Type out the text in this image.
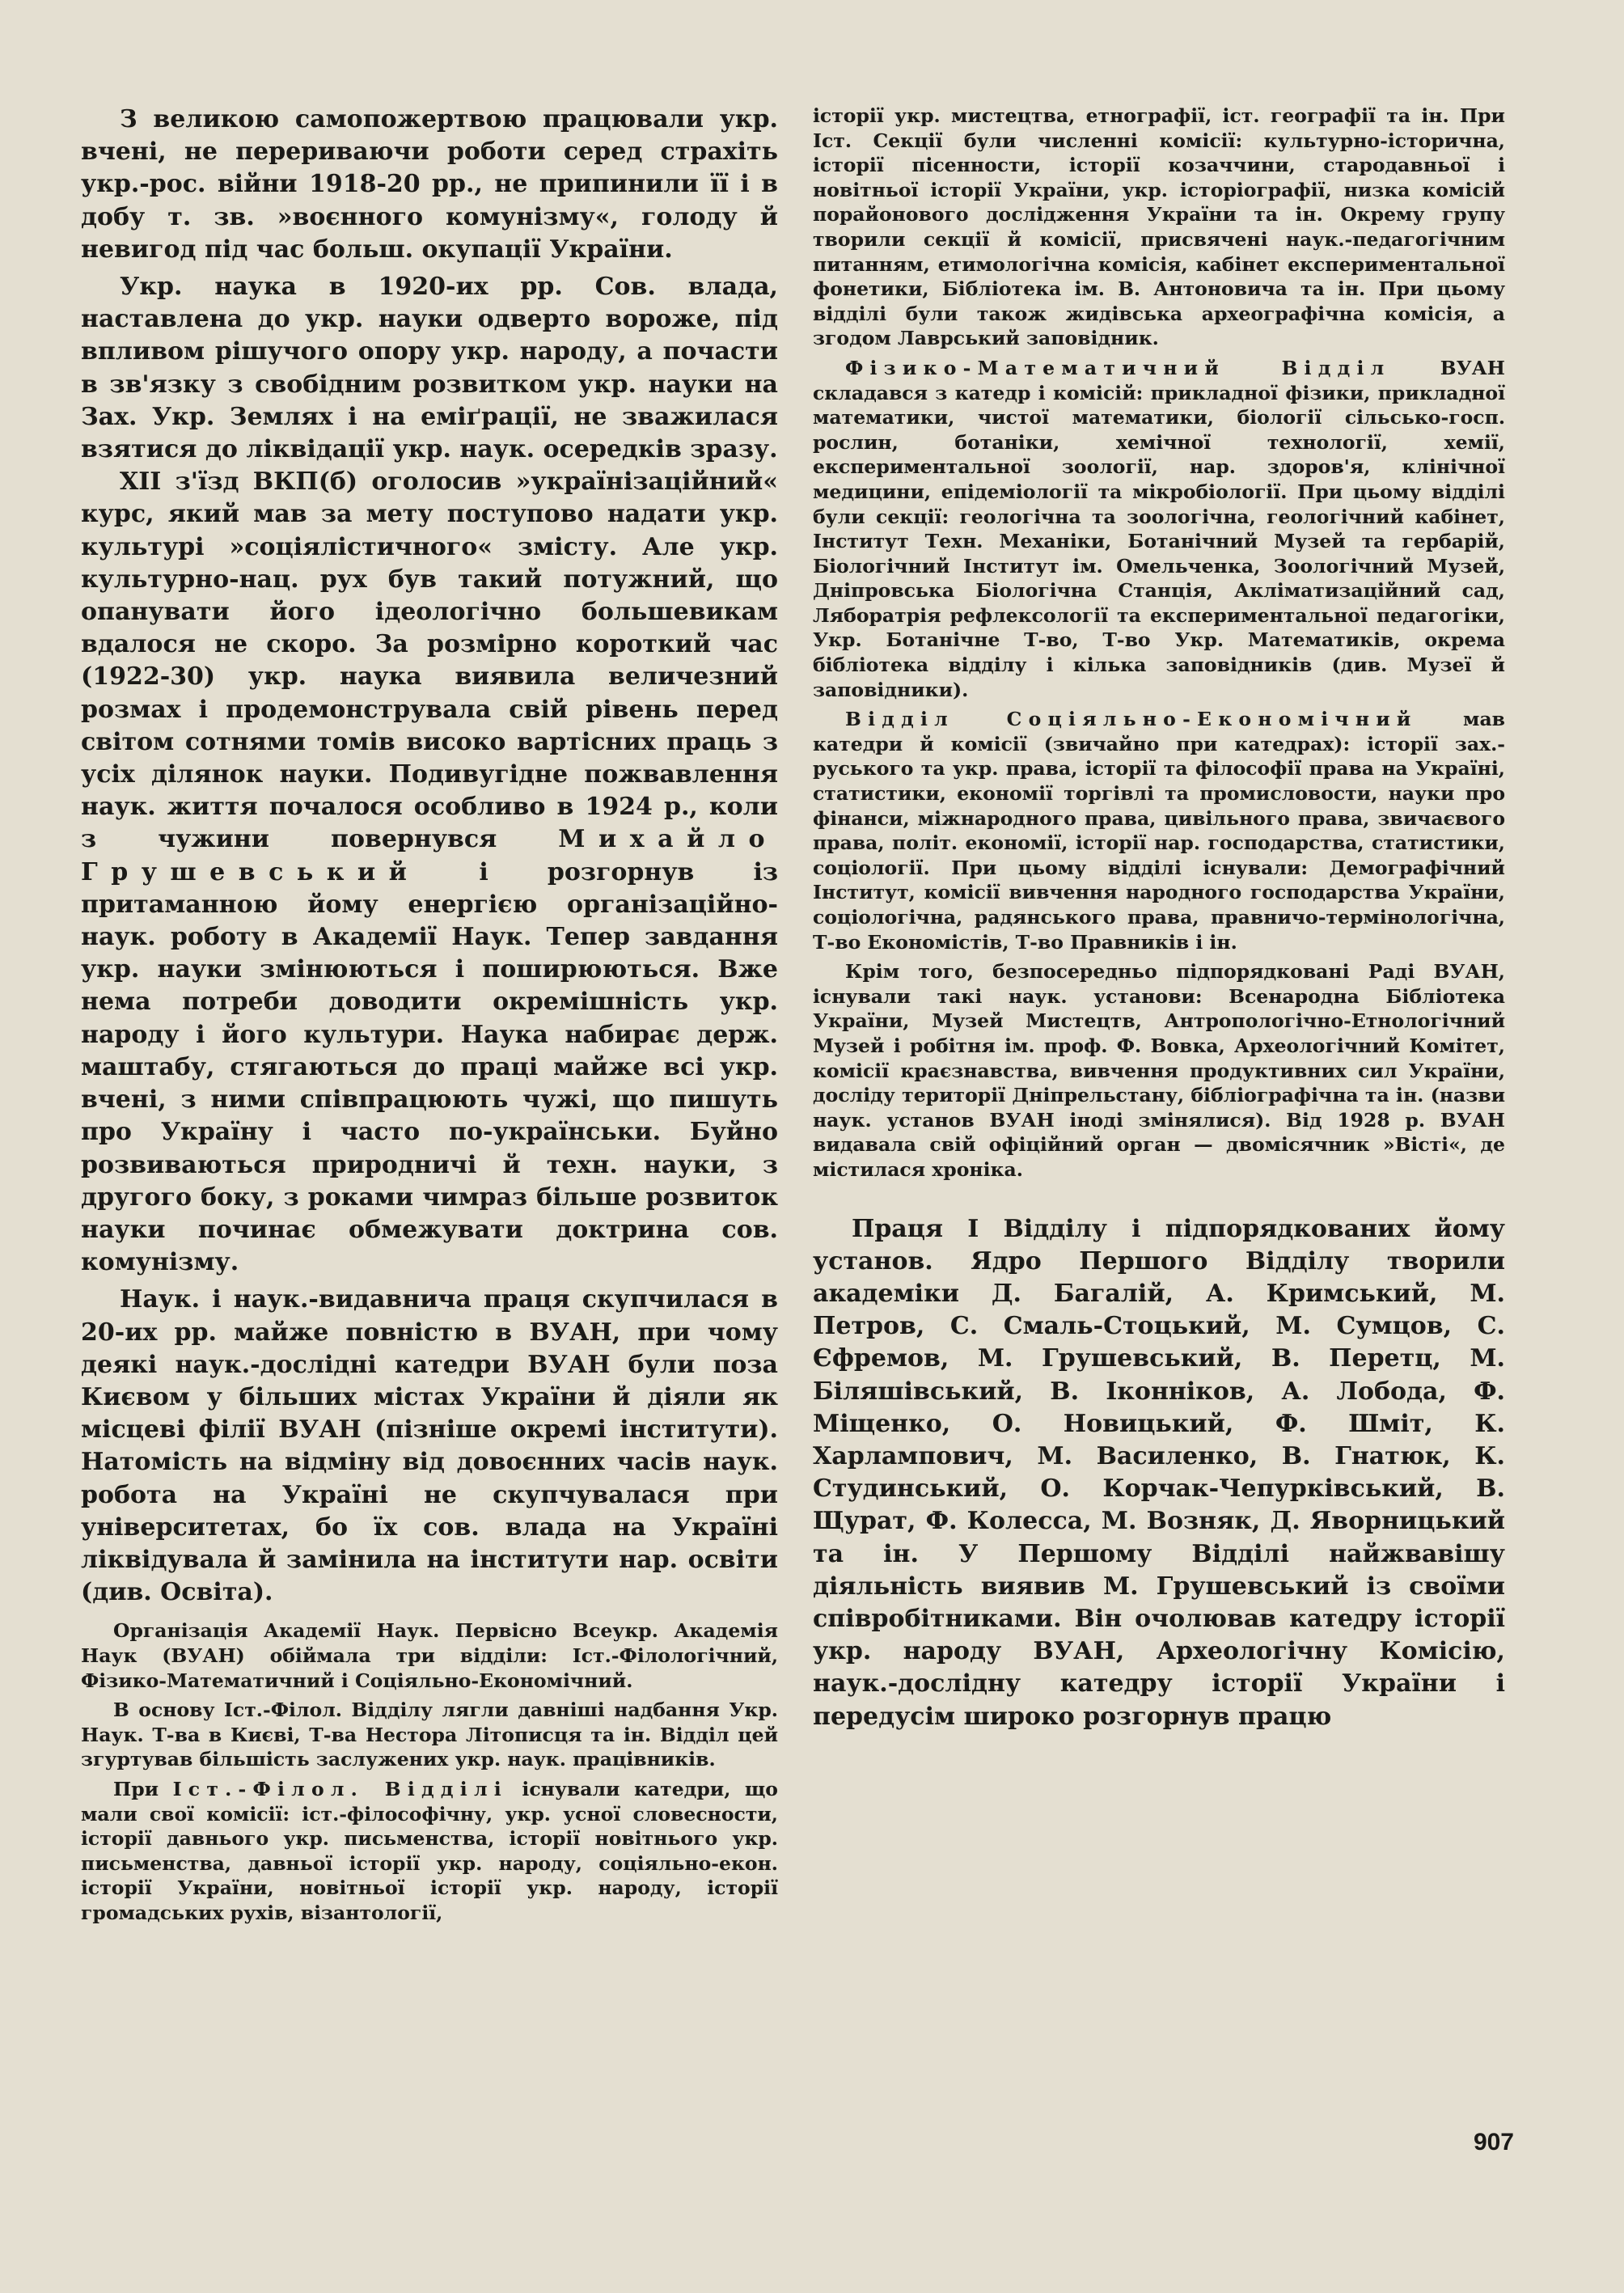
З великою самопожертвою працювали укр. вчені, не перериваючи роботи серед страхіть укр.-рос. війни 1918-20 рр., не припинили її і в добу т. зв. »воєнного комунізму«, голоду й невигод під час больш. окупації України.

Укр. наука в 1920-их рр. Сов. влада, наставлена до укр. науки одверто ворожe, під впливом рішучого опору укр. народу, а почасти в зв'язку з свобідним розвитком укр. науки на Зах. Укр. Землях і на еміґрації, не зважилася взятися до ліквідації укр. наук. осередків зразу.

XII з'їзд ВКП(б) оголосив »українізаційний« курс, який мав за мету поступово надати укр. культурі »соціялістичного« змісту. Але укр. культурно-нац. рух був такий потужний, що опанувати його ідеологічно большевикам вдалося не скоро. За розмірно короткий час (1922-30) укр. наука виявила величезний розмах і продемонструвала свій рівень перед світом сотнями томів високо вартісних праць з усіх ділянок науки. Подивугідне пожвавлення наук. життя почалося особливо в 1924 р., коли з чужини повернувся Михайло Грушевський і розгорнув із притаманною йому енергією організаційно-наук. роботу в Академії Наук. Тепер завдання укр. науки змінюються і поширюються. Вже нема потреби доводити окремішність укр. народу і його культури. Наука набирає держ. маштабу, стягаються до праці майже всі укр. вчені, з ними співпрацюють чужі, що пишуть про Україну і часто по-українськи. Буйно розвиваються природничі й техн. науки, з другого боку, з роками чимраз більше розвиток науки починає обмежувати доктрина сов. комунізму.

Наук. і наук.-видавнича праця скупчилася в 20-их рр. майже повністю в ВУАН, при чому деякі наук.-дослідні катедри ВУАН були поза Києвом у більших містах України й діяли як місцеві філії ВУАН (пізніше окремі інститути). Натомість на відміну від довоєнних часів наук. робота на Україні не скупчувалася при університетах, бо їх сов. влада на Україні ліквідувала й замінила на інститути нар. освіти (див. Освіта).

Організація Академії Наук. Первісно Всеукр. Академія Наук (ВУАН) обіймала три відділи: Іст.-Філологічний, Фізико-Математичний і Соціяльно-Економічний.

В основу Іст.-Філол. Відділу лягли давніші надбання Укр. Наук. Т-ва в Києві, Т-ва Нестора Літописця та ін. Відділ цей згуртував більшість заслужених укр. наук. працівників.

При Іст.-Філол. Відділі існували катедри, що мали свої комісії: іст.-філософічну, укр. усної словесности, історії давнього укр. письменства, історії новітнього укр. письменства, давньої історії укр. народу, соціяльно-екон. історії України, новітньої історії укр. народу, історії громадських рухів, візантології,

історії укр. мистецтва, етнографії, іст. географії та ін. При Іст. Секції були численні комісії: культурно-історична, історії пісенности, історії козаччини, стародавньої і новітньої історії України, укр. історіографії, низка комісій порайонового дослідження України та ін. Окрему групу творили секції й комісії, присвячені наук.-педагогічним питанням, етимологічна комісія, кабінет експериментальної фонетики, Бібліотека ім. В. Антоновича та ін. При цьому відділі були також жидівська археографічна комісія, а згодом Лаврський заповідник.

Фізико-Математичний Відділ ВУАН складався з катедр і комісій: прикладної фізики, прикладної математики, чистої математики, біології сільсько-госп. рослин, ботаніки, хемічної технології, хемії, експериментальної зоології, нар. здоров'я, клінічної медицини, епідеміології та мікробіології. При цьому відділі були секції: геологічна та зоологічна, геологічний кабінет, Інститут Техн. Механіки, Ботанічний Музей та гербарій, Біологічний Інститут ім. Омельченка, Зоологічний Музей, Дніпровська Біологічна Станція, Акліматизаційний сад, Ляборатрія рефлексології та експериментальної педагогіки, Укр. Ботанічне Т-во, Т-во Укр. Математиків, окрема бібліотека відділу і кілька заповідників (див. Музеї й заповідники).

Відділ Соціяльно-Економічний мав катедри й комісії (звичайно при катедрах): історії зах.-руського та укр. права, історії та філософії права на Україні, статистики, економії торгівлі та промисловости, науки про фінанси, міжнародного права, цивільного права, звичаєвого права, політ. економії, історії нар. господарства, статистики, соціології. При цьому відділі існували: Демографічний Інститут, комісії вивчення народного господарства України, соціологічна, радянського права, правничо-термінологічна, Т-во Економістів, Т-во Правників і ін.

Крім того, безпосередньо підпорядковані Раді ВУАН, існували такі наук. установи: Всенародна Бібліотека України, Музей Мистецтв, Антропологічно-Етнологічний Музей і робітня ім. проф. Ф. Вовка, Археологічний Комітет, комісії краєзнавства, вивчення продуктивних сил України, досліду території Дніпрельстану, бібліографічна та ін. (назви наук. установ ВУАН іноді змінялися). Від 1928 р. ВУАН видавала свій офіційний орган — двомісячник »Вісті«, де містилася хроніка.

Праця І Відділу і підпорядкованих йому установ. Ядро Першого Відділу творили академіки Д. Багалій, А. Кримський, М. Петров, С. Смаль-Стоцький, М. Сумцов, С. Єфремов, М. Грушевський, В. Перетц, М. Біляшівський, В. Іконніков, А. Лобода, Ф. Міщенко, О. Новицький, Ф. Шміт, К. Харлампович, М. Василенко, В. Гнатюк, К. Студинський, О. Корчак-Чепурківський, В. Щурат, Ф. Колесса, М. Возняк, Д. Яворницький та ін. У Першому Відділі найжвавішу діяльність виявив М. Грушевський із своїми співробітниками. Він очолював катедру історії укр. народу ВУАН, Археологічну Комісію, наук.-дослідну катедру історії України і передусім широко розгорнув працю

907
